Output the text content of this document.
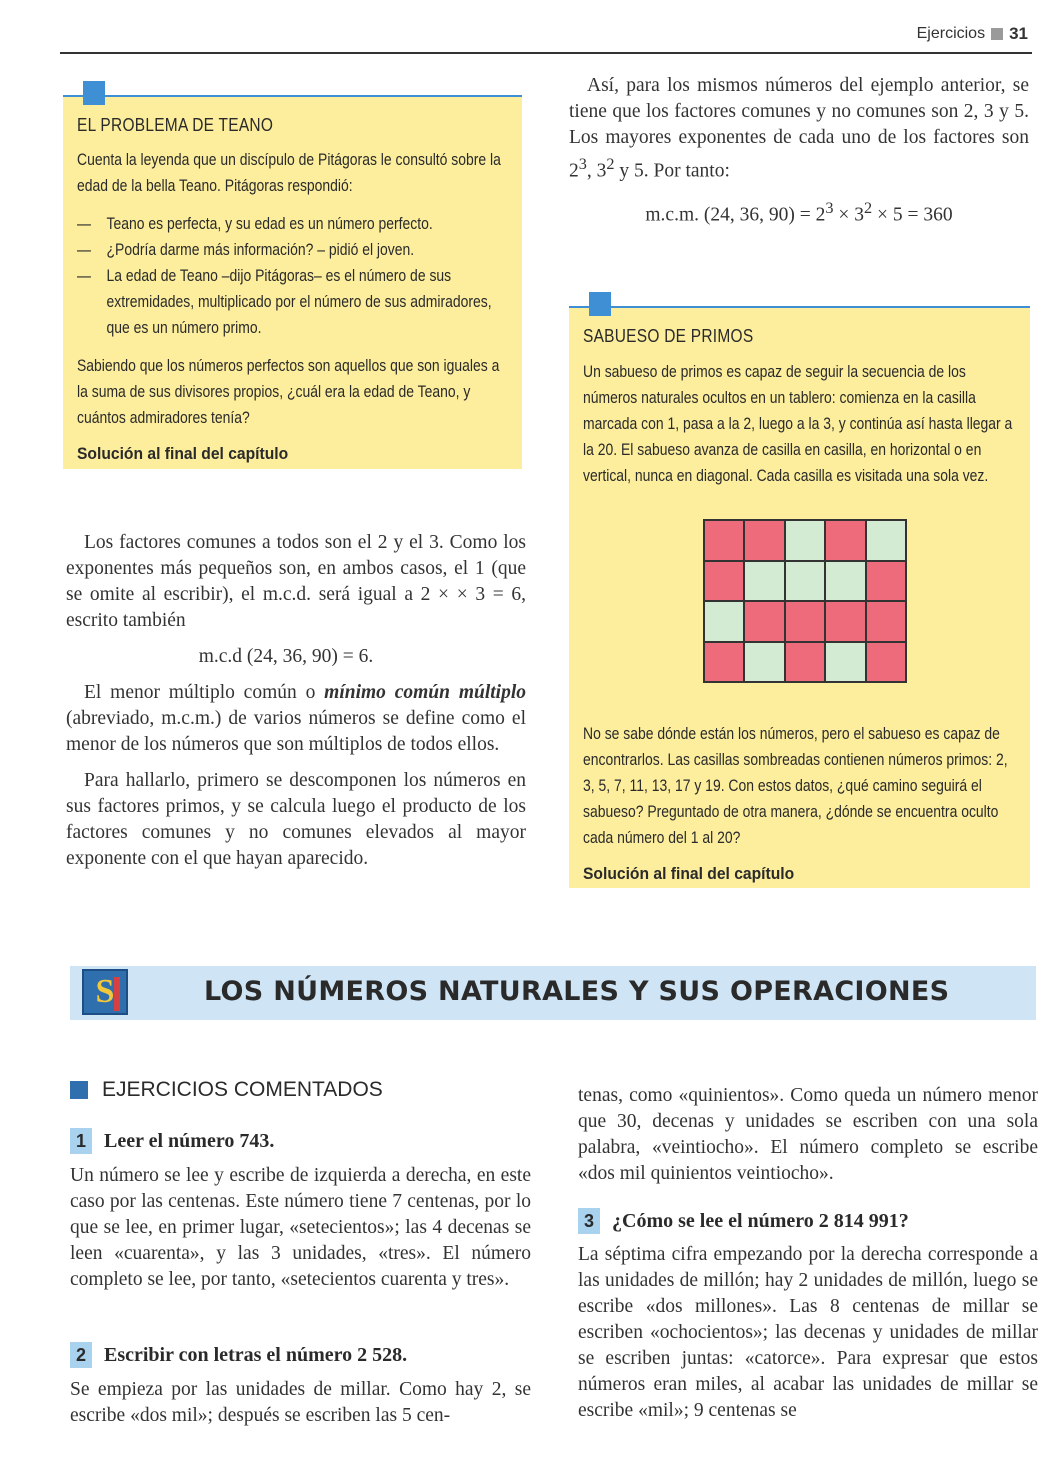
Ejercicios 31
EL PROBLEMA DE TEANO

Cuenta la leyenda que un discípulo de Pitágoras le consultó sobre la edad de la bella Teano. Pitágoras respondió:

— Teano es perfecta, y su edad es un número perfecto.
— ¿Podría darme más información? – pidió el joven.
— La edad de Teano –dijo Pitágoras– es el número de sus extremidades, multiplicado por el número de sus admiradores, que es un número primo.

Sabiendo que los números perfectos son aquellos que son iguales a la suma de sus divisores propios, ¿cuál era la edad de Teano, y cuántos admiradores tenía?

Solución al final del capítulo

Los factores comunes a todos son el 2 y el 3. Como los exponentes más pequeños son, en ambos casos, el 1 (que se omite al escribir), el m.c.d. será igual a 2 × × 3 = 6, escrito también

m.c.d (24, 36, 90) = 6.

El menor múltiplo común o mínimo común múltiplo (abreviado, m.c.m.) de varios números se define como el menor de los números que son múltiplos de todos ellos.

Para hallarlo, primero se descomponen los números en sus factores primos, y se calcula luego el producto de los factores comunes y no comunes elevados al mayor exponente con el que hayan aparecido.

Así, para los mismos números del ejemplo anterior, se tiene que los factores comunes y no comunes son 2, 3 y 5. Los mayores exponentes de cada uno de los factores son $2^3$, $3^2$ y 5. Por tanto:

m.c.m. (24, 36, $90) = 2^3 \times 3^2 \times 5 = 360$

SABUESO DE PRIMOS
Un sabueso de primos es capaz de seguir la secuencia de los números naturales ocultos en un tablero: comienza en la casilla marcada con 1, pasa a la 2, luego a la 3, y continúa así hasta llegar a la 20. El sabueso avanza de casilla en casilla, en horizontal o en vertical, nunca en diagonal. Cada casilla es visitada una sola vez.
No se sabe dónde están los números, pero el sabueso es capaz de encontrarlos. Las casillas sombreadas contienen números primos: 2, 3, 5, 7, 11, 13, 17 y 19. Con estos datos, ¿qué camino seguirá el sabueso? Preguntado de otra manera, ¿dónde se encuentra oculto cada número del 1 al 20?
Solución al final del capítulo
S	LOS NÚMEROS NATURALES Y SUS OPERACIONES
EJERCICIOS COMENTADOS
1 Leer el número 743.

Un número se lee y escribe de izquierda a derecha, en este caso por las centenas. Este número tiene 7 centenas, por lo que se lee, en primer lugar, «setecientos»; las 4 decenas se leen «cuarenta», y las 3 unidades, «tres». El número completo se lee, por tanto, «setecientos cuarenta y tres».

2 Escribir con letras el número 2 528.

Se empieza por las unidades de millar. Como hay 2, se escribe «dos mil»; después se escriben las 5 cen-

tenas, como «quinientos». Como queda un número menor que 30, decenas y unidades se escriben con una sola palabra, «veintiocho». El número completo se escribe «dos mil quinientos veintiocho».

3 ¿Cómo se lee el número 2 814 991?

La séptima cifra empezando por la derecha corresponde a las unidades de millón; hay 2 unidades de millón, luego se escribe «dos millones». Las 8 centenas de millar se escriben «ochocientos»; las decenas y unidades de millar se escriben juntas: «catorce». Para expresar que estos números eran miles, al acabar las unidades de millar se escribe «mil»; 9 centenas se
